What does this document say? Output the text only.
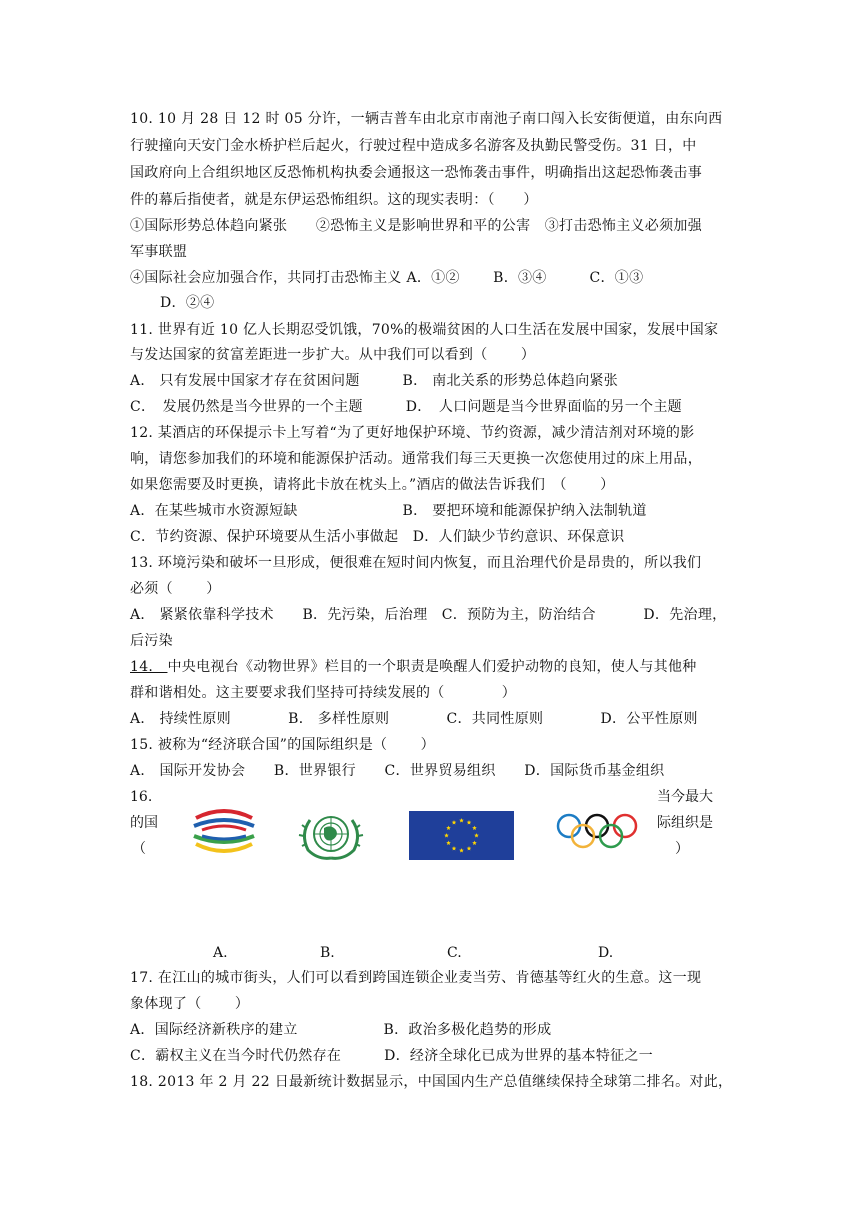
10. 10 月 28 日 12 时 05 分许，一辆吉普车由北京市南池子南口闯入长安街便道，由东向西
行驶撞向天安门金水桥护栏后起火，行驶过程中造成多名游客及执勤民警受伤。31 日，中
国政府向上合组织地区反恐怖机构执委会通报这一恐怖袭击事件，明确指出这起恐怖袭击事
件的幕后指使者，就是东伊运恐怖组织。这的现实表明：（　　）
①国际形势总体趋向紧张　　②恐怖主义是影响世界和平的公害　③打击恐怖主义必须加强
军事联盟
④国际社会应加强合作，共同打击恐怖主义 A．①②　　 B．③④　　　C．①③
D．②④
11. 世界有近 10 亿人长期忍受饥饿，70%的极端贫困的人口生活在发展中国家，发展中国家
与发达国家的贫富差距进一步扩大。从中我们可以看到（　　 ）
A． 只有发展中国家才存在贫困问题　　　B． 南北关系的形势总体趋向紧张
C．　发展仍然是当今世界的一个主题　　　D．　人口问题是当今世界面临的另一个主题
12. 某酒店的环保提示卡上写着“为了更好地保护环境、节约资源，减少清洁剂对环境的影
响，请您参加我们的环境和能源保护活动。通常我们每三天更换一次您使用过的床上用品，
如果您需要及时更换，请将此卡放在枕头上。”酒店的做法告诉我们　（　　 ）
A．在某些城市水资源短缺　　　　　　　 B． 要把环境和能源保护纳入法制轨道
C．节约资源、保护环境要从生活小事做起　D．人们缺少节约意识、环保意识
13. 环境污染和破坏一旦形成，便很难在短时间内恢复，而且治理代价是昂贵的，所以我们
必须（　　 ）
A． 紧紧依靠科学技术　　B．先污染，后治理　C．预防为主，防治结合　　　 D．先治理，
后污染
14.　中央电视台《动物世界》栏目的一个职责是唤醒人们爱护动物的良知，使人与其他种
群和谐相处。这主要要求我们坚持可持续发展的（　　　　）
A． 持续性原则　　　　B． 多样性原则　　　　C．共同性原则　　　　D．公平性原则
15. 被称为“经济联合国”的国际组织是（　　 ）
A． 国际开发协会　　B．世界银行　　C．世界贸易组织　　D．国际货币基金组织
16.
的国
（
当今最大
际组织是
）
A.	B.	C.	D.
17. 在江山的城市街头，人们可以看到跨国连锁企业麦当劳、肯德基等红火的生意。这一现
象体现了（　　 ）
A．国际经济新秩序的建立　　　　　　B．政治多极化趋势的形成
C．霸权主义在当今时代仍然存在　　　D．经济全球化已成为世界的基本特征之一
18. 2013 年 2 月 22 日最新统计数据显示，中国国内生产总值继续保持全球第二排名。对此，
